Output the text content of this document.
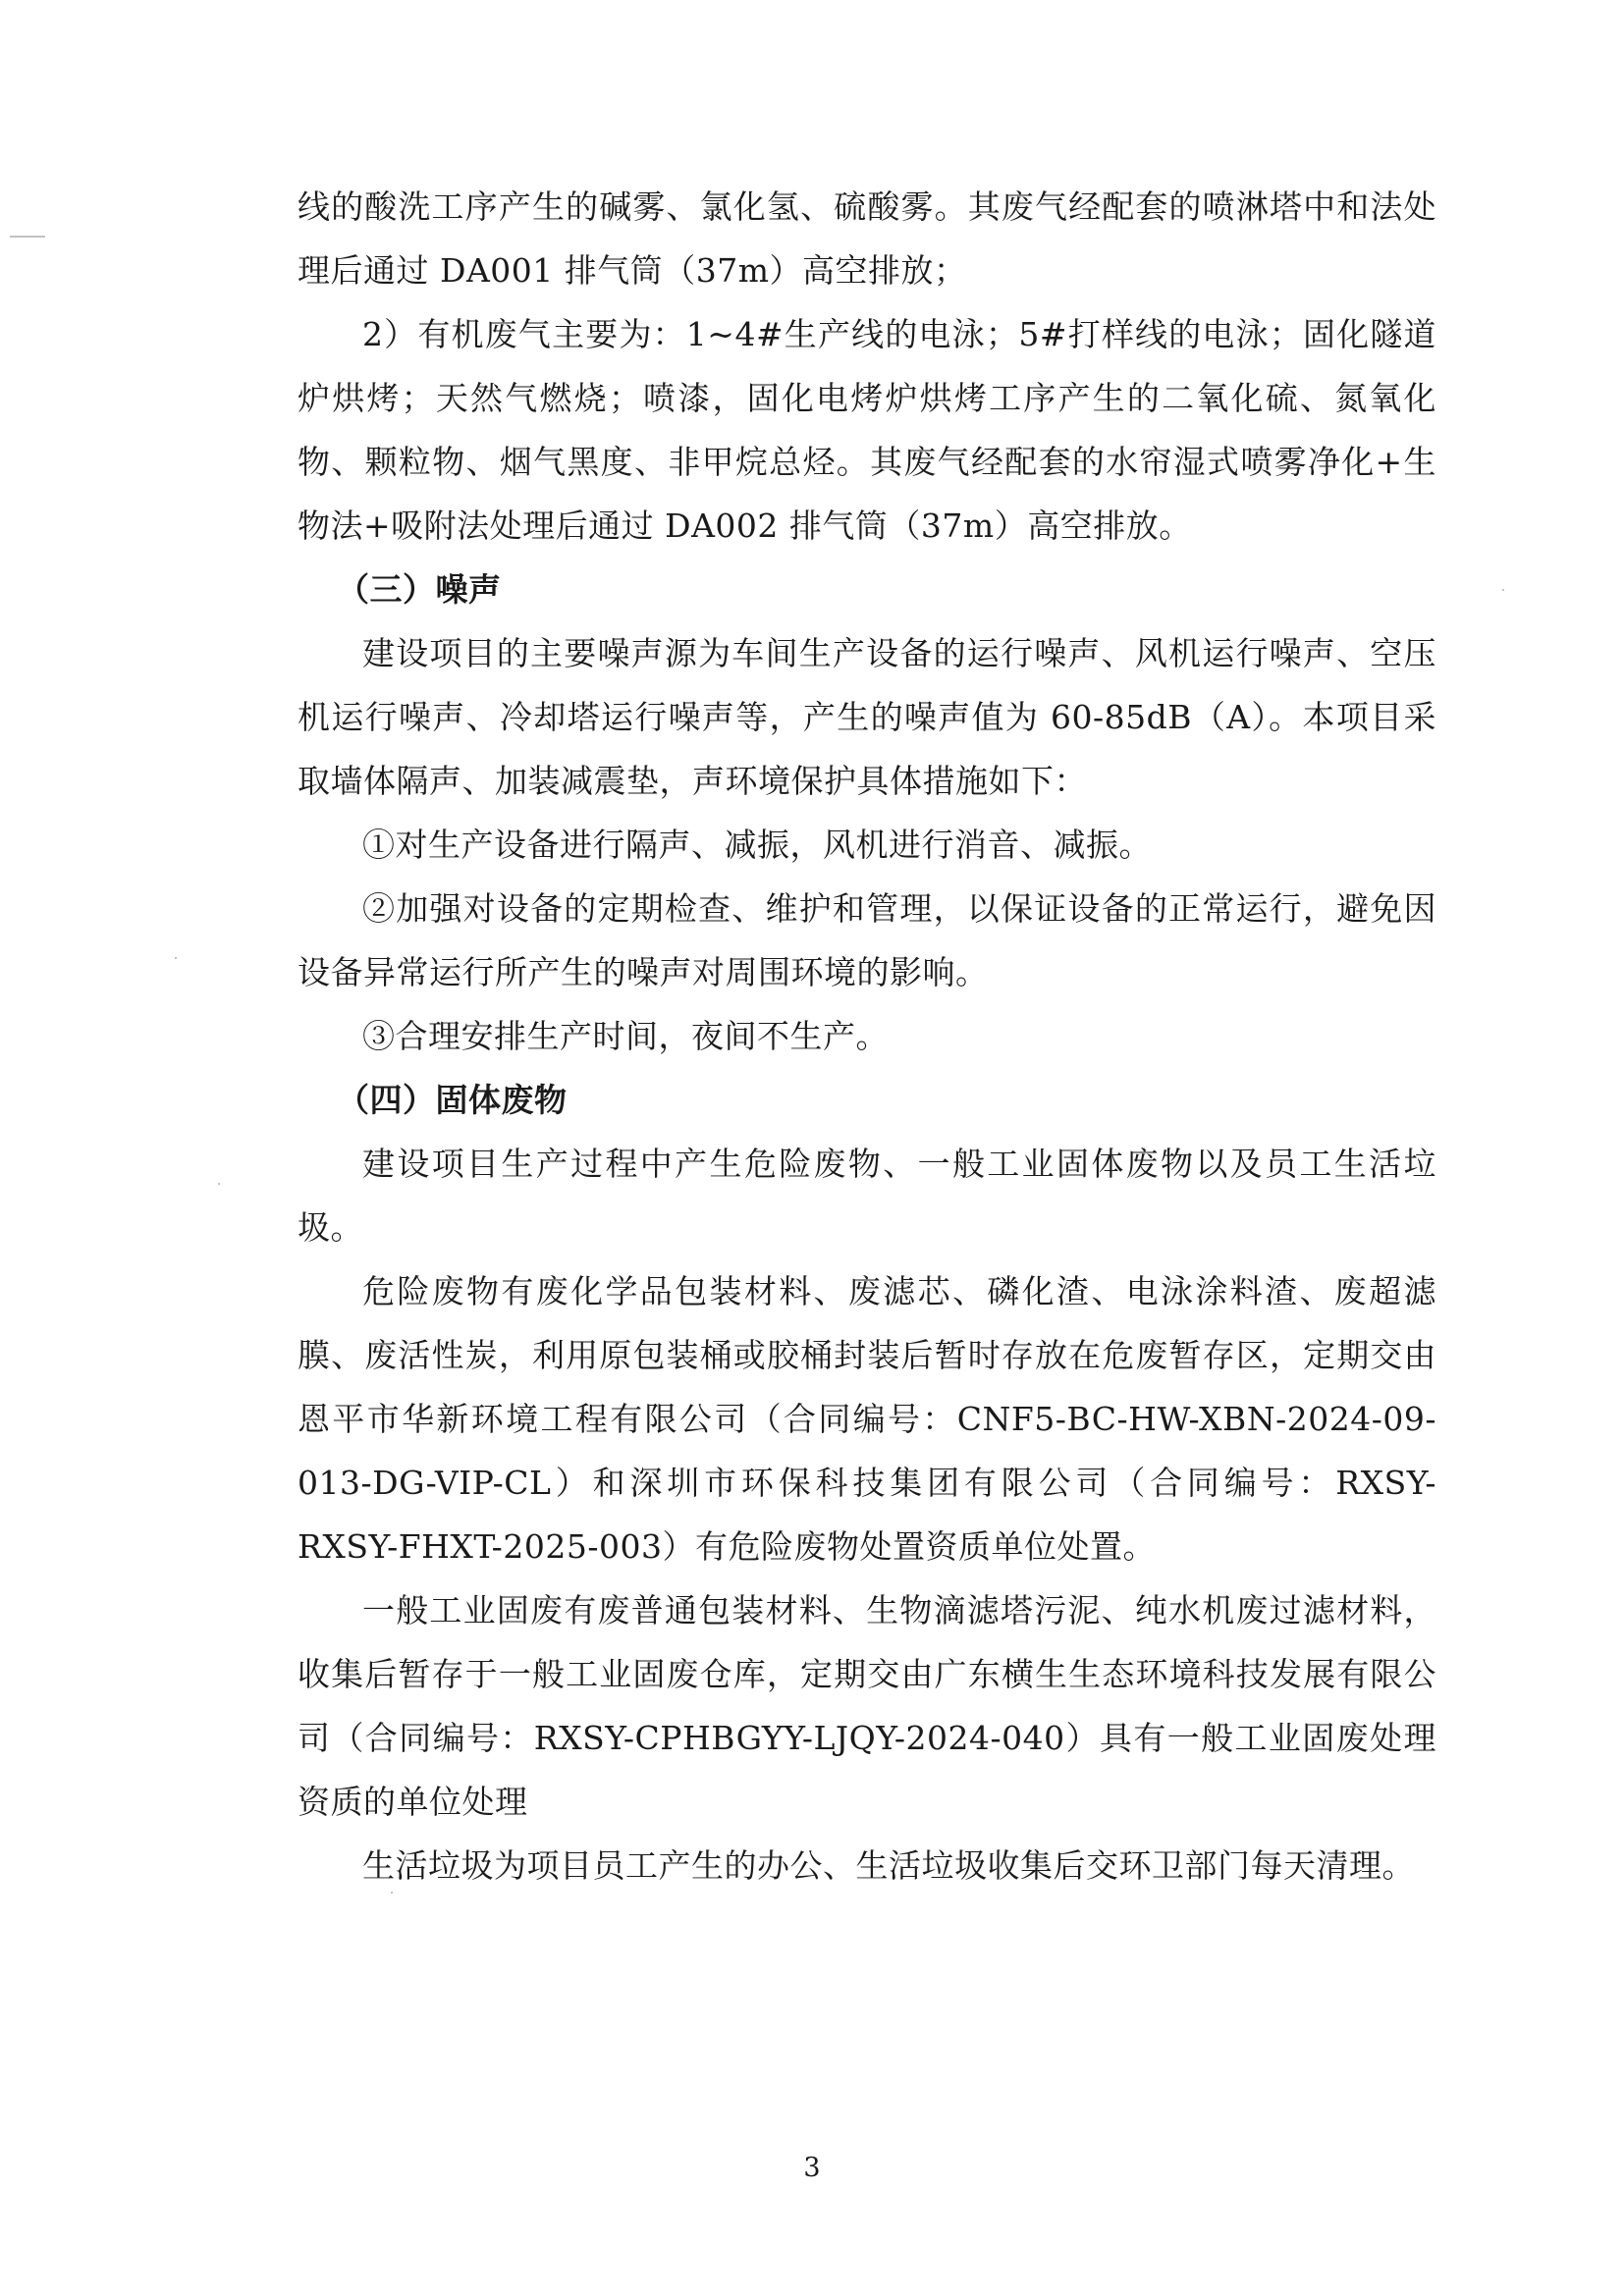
线的酸洗工序产生的碱雾、氯化氢、硫酸雾。其废气经配套的喷淋塔中和法处理后通过 DA001 排气筒（37m）高空排放；

2）有机废气主要为：1~4#生产线的电泳；5#打样线的电泳；固化隧道炉烘烤；天然气燃烧；喷漆，固化电烤炉烘烤工序产生的二氧化硫、氮氧化物、颗粒物、烟气黑度、非甲烷总烃。其废气经配套的水帘湿式喷雾净化+生物法+吸附法处理后通过 DA002 排气筒（37m）高空排放。

（三）噪声

建设项目的主要噪声源为车间生产设备的运行噪声、风机运行噪声、空压机运行噪声、冷却塔运行噪声等，产生的噪声值为 60-85dB（A）。本项目采取墙体隔声、加装减震垫，声环境保护具体措施如下：

①对生产设备进行隔声、减振，风机进行消音、减振。

②加强对设备的定期检查、维护和管理，以保证设备的正常运行，避免因设备异常运行所产生的噪声对周围环境的影响。

③合理安排生产时间，夜间不生产。

（四）固体废物

建设项目生产过程中产生危险废物、一般工业固体废物以及员工生活垃圾。

危险废物有废化学品包装材料、废滤芯、磷化渣、电泳涂料渣、废超滤膜、废活性炭，利用原包装桶或胶桶封装后暂时存放在危废暂存区，定期交由恩平市华新环境工程有限公司（合同编号：CNF5-BC-HW-XBN-2024-09-013-DG-VIP-CL）和深圳市环保科技集团有限公司（合同编号：RXSY-RXSY-FHXT-2025-003）有危险废物处置资质单位处置。

一般工业固废有废普通包装材料、生物滴滤塔污泥、纯水机废过滤材料，收集后暂存于一般工业固废仓库，定期交由广东横生生态环境科技发展有限公司（合同编号：RXSY-CPHBGYY-LJQY-2024-040）具有一般工业固废处理资质的单位处理

生活垃圾为项目员工产生的办公、生活垃圾收集后交环卫部门每天清理。

3
